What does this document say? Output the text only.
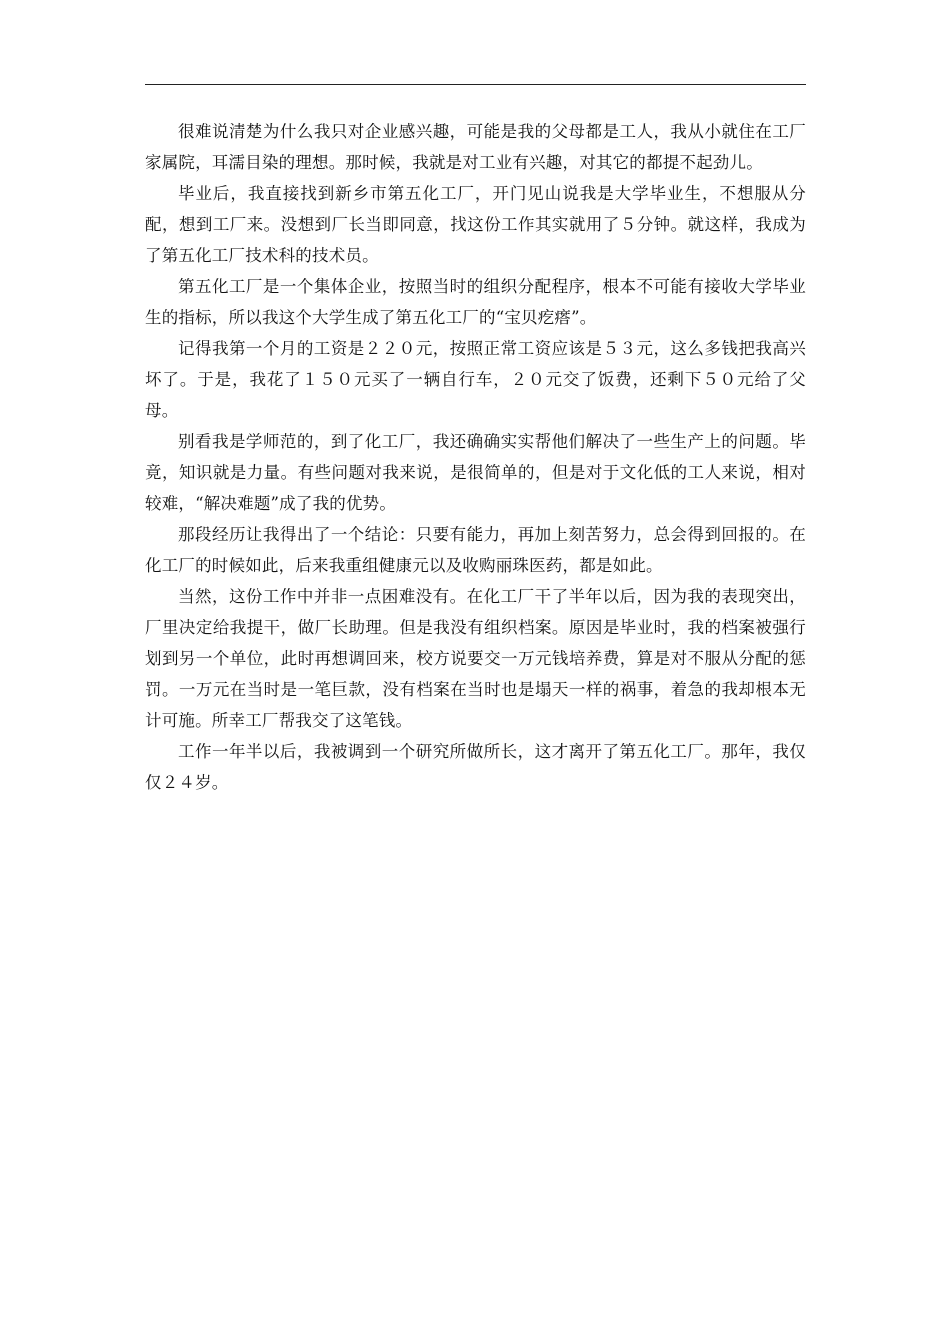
很难说清楚为什么我只对企业感兴趣，可能是我的父母都是工人，我从小就住在工厂家属院，耳濡目染的理想。那时候，我就是对工业有兴趣，对其它的都提不起劲儿。

毕业后，我直接找到新乡市第五化工厂，开门见山说我是大学毕业生，不想服从分配，想到工厂来。没想到厂长当即同意，找这份工作其实就用了５分钟。就这样，我成为了第五化工厂技术科的技术员。

第五化工厂是一个集体企业，按照当时的组织分配程序，根本不可能有接收大学毕业生的指标，所以我这个大学生成了第五化工厂的“宝贝疙瘩”。

记得我第一个月的工资是２２０元，按照正常工资应该是５３元，这么多钱把我高兴坏了。于是，我花了１５０元买了一辆自行车，２０元交了饭费，还剩下５０元给了父母。

别看我是学师范的，到了化工厂，我还确确实实帮他们解决了一些生产上的问题。毕竟，知识就是力量。有些问题对我来说，是很简单的，但是对于文化低的工人来说，相对较难，“解决难题”成了我的优势。

那段经历让我得出了一个结论：只要有能力，再加上刻苦努力，总会得到回报的。在化工厂的时候如此，后来我重组健康元以及收购丽珠医药，都是如此。

当然，这份工作中并非一点困难没有。在化工厂干了半年以后，因为我的表现突出，厂里决定给我提干，做厂长助理。但是我没有组织档案。原因是毕业时，我的档案被强行划到另一个单位，此时再想调回来，校方说要交一万元钱培养费，算是对不服从分配的惩罚。一万元在当时是一笔巨款，没有档案在当时也是塌天一样的祸事，着急的我却根本无计可施。所幸工厂帮我交了这笔钱。

工作一年半以后，我被调到一个研究所做所长，这才离开了第五化工厂。那年，我仅仅２４岁。
